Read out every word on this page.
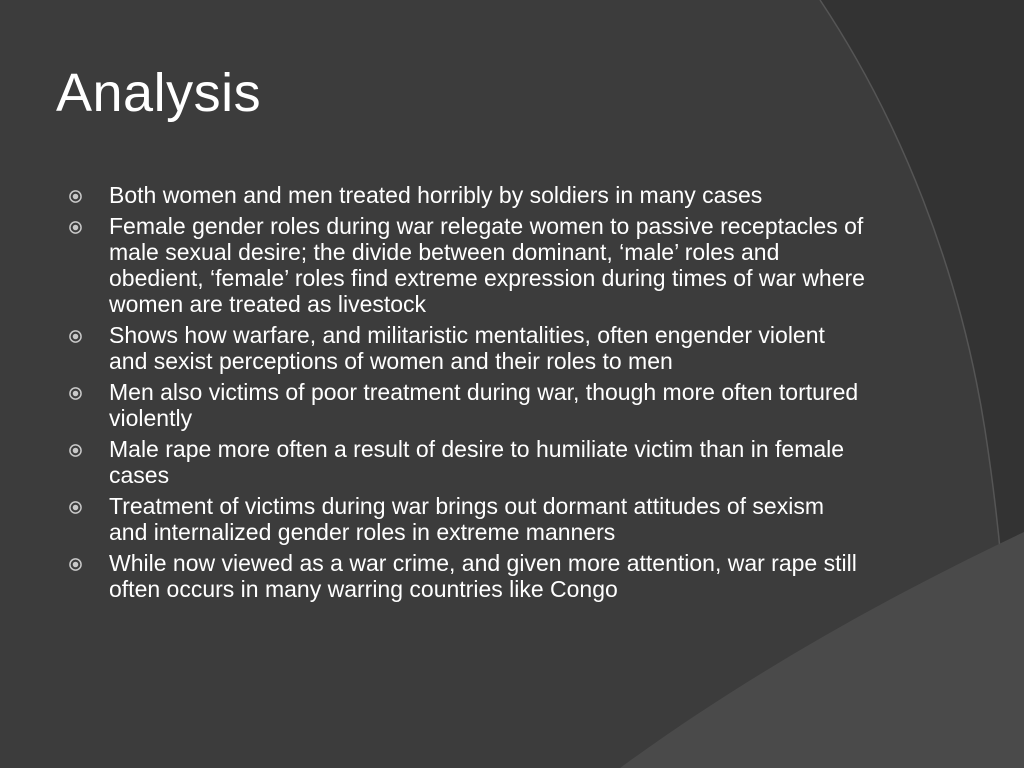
Analysis
Both women and men treated horribly by soldiers in many cases
Female gender roles during war relegate women to passive receptacles of male sexual desire; the divide between dominant, ‘male’ roles and obedient, ‘female’ roles find extreme expression during times of war where women are treated as livestock
Shows how warfare, and militaristic mentalities, often engender violent and sexist perceptions of women and their roles to men
Men also victims of poor treatment during war, though more often tortured violently
Male rape more often a result of desire to humiliate victim than in female cases
Treatment of victims during war brings out dormant attitudes of sexism and internalized gender roles in extreme manners
While now viewed as a war crime, and given more attention, war rape still often occurs in many warring countries like Congo
